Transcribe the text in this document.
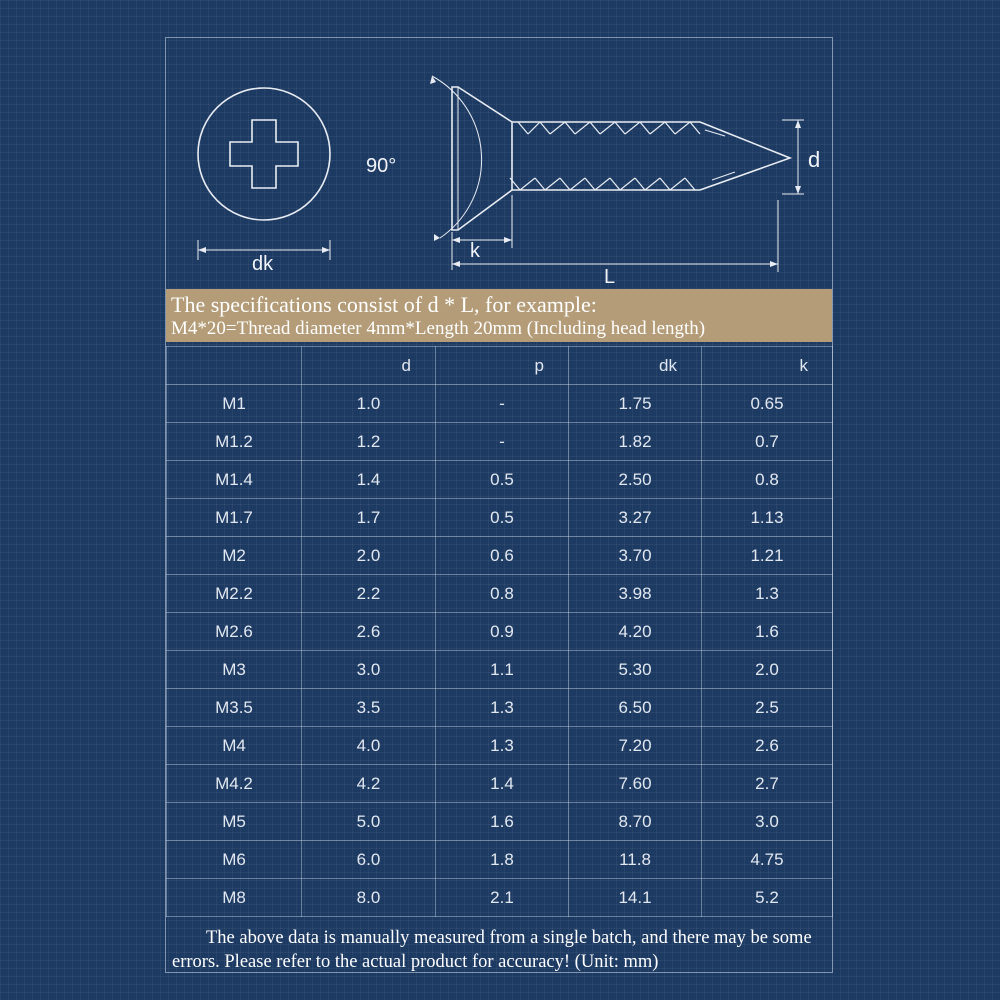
90°	d
dk
k
L
The specifications consist of d * L, for example:
M4*20=Thread diameter 4mm*Length 20mm (Including head length)
	d	p	dk	k
M1	1.0	-	1.75	0.65
M1.2	1.2	-	1.82	0.7
M1.4	1.4	0.5	2.50	0.8
M1.7	1.7	0.5	3.27	1.13
M2	2.0	0.6	3.70	1.21
M2.2	2.2	0.8	3.98	1.3
M2.6	2.6	0.9	4.20	1.6
M3	3.0	1.1	5.30	2.0
M3.5	3.5	1.3	6.50	2.5
M4	4.0	1.3	7.20	2.6
M4.2	4.2	1.4	7.60	2.7
M5	5.0	1.6	8.70	3.0
M6	6.0	1.8	11.8	4.75
M8	8.0	2.1	14.1	5.2
The above data is manually measured from a single batch, and there may be some errors. Please refer to the actual product for accuracy! (Unit: mm)
